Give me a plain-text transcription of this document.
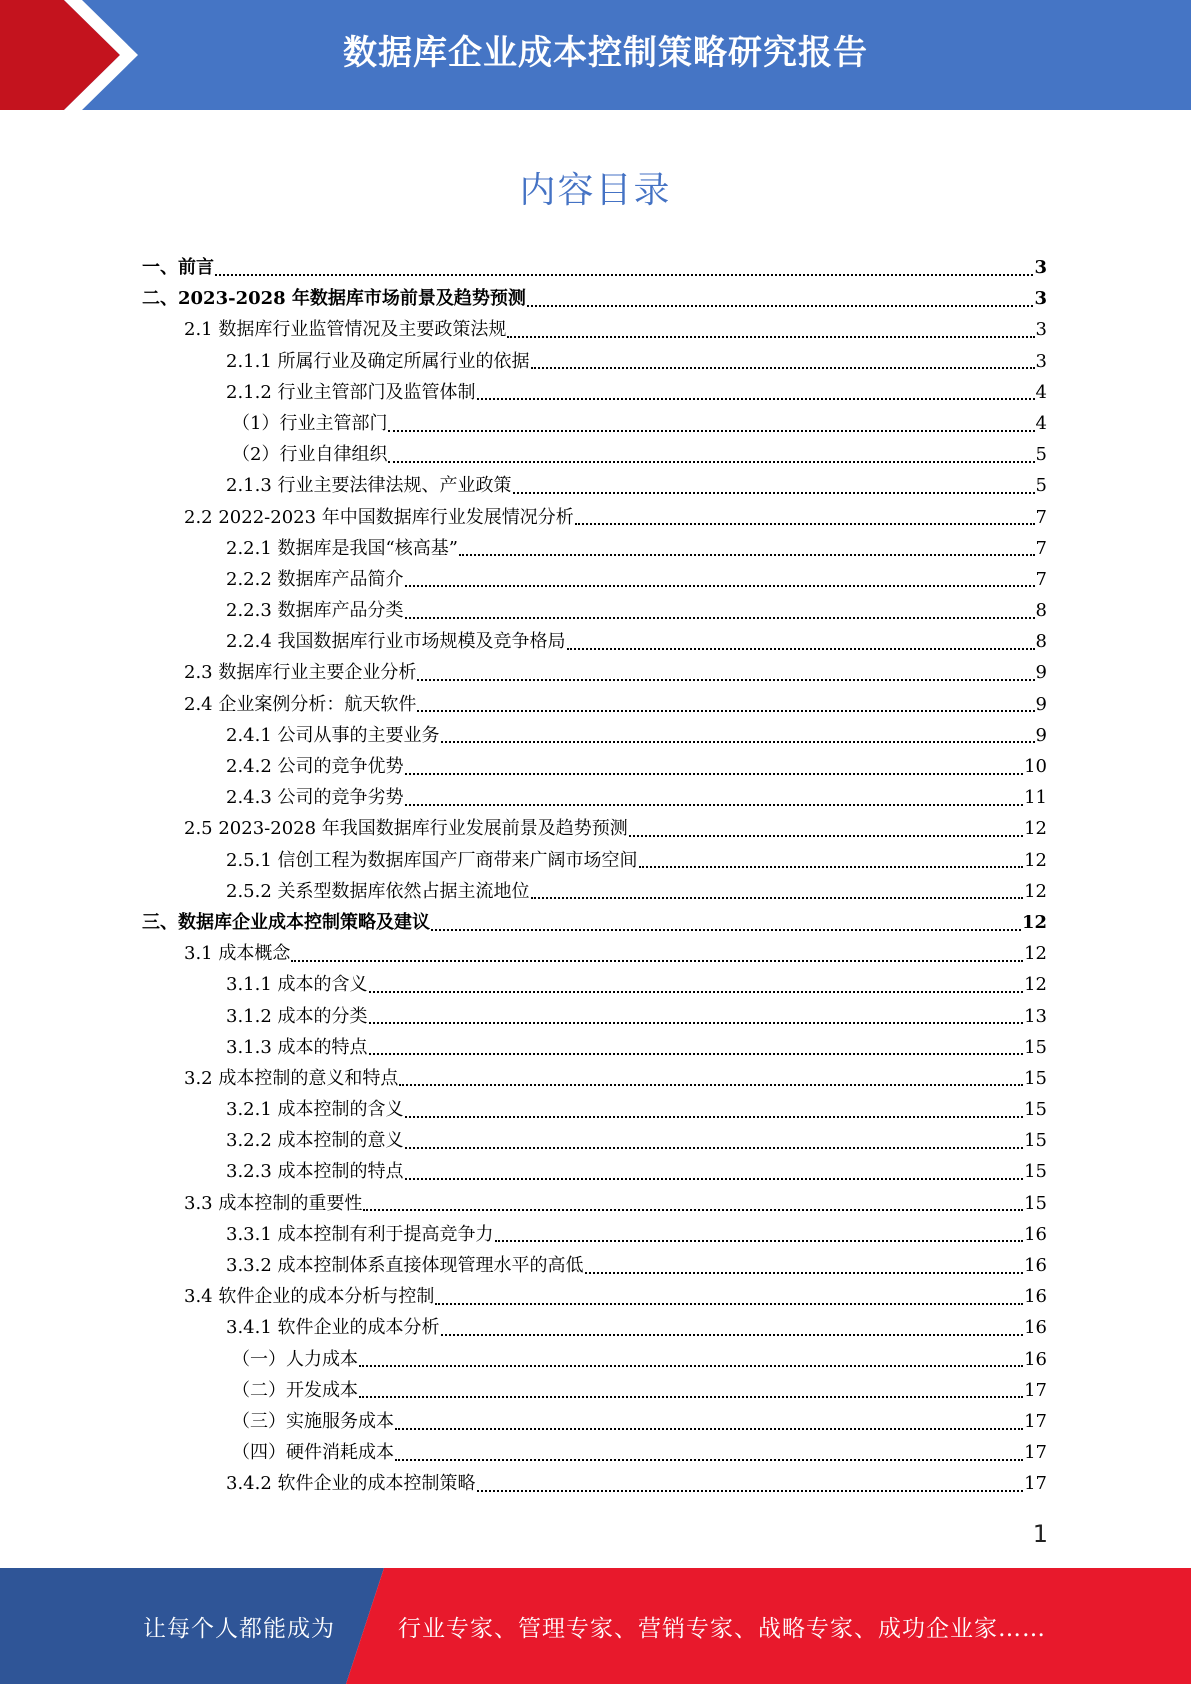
数据库企业成本控制策略研究报告
内容目录
一、前言	3
二、2023-2028 年数据库市场前景及趋势预测	3
2.1 数据库行业监管情况及主要政策法规	3
2.1.1 所属行业及确定所属行业的依据	3
2.1.2 行业主管部门及监管体制	4
（1）行业主管部门	4
（2）行业自律组织	5
2.1.3 行业主要法律法规、产业政策	5
2.2 2022-2023 年中国数据库行业发展情况分析	7
2.2.1 数据库是我国“核高基”	7
2.2.2 数据库产品简介	7
2.2.3 数据库产品分类	8
2.2.4 我国数据库行业市场规模及竞争格局	8
2.3 数据库行业主要企业分析	9
2.4 企业案例分析：航天软件	9
2.4.1 公司从事的主要业务	9
2.4.2 公司的竞争优势	10
2.4.3 公司的竞争劣势	11
2.5 2023-2028 年我国数据库行业发展前景及趋势预测	12
2.5.1 信创工程为数据库国产厂商带来广阔市场空间	12
2.5.2 关系型数据库依然占据主流地位	12
三、数据库企业成本控制策略及建议	12
3.1 成本概念	12
3.1.1 成本的含义	12
3.1.2 成本的分类	13
3.1.3 成本的特点	15
3.2 成本控制的意义和特点	15
3.2.1 成本控制的含义	15
3.2.2 成本控制的意义	15
3.2.3 成本控制的特点	15
3.3 成本控制的重要性	15
3.3.1 成本控制有利于提高竞争力	16
3.3.2 成本控制体系直接体现管理水平的高低	16
3.4 软件企业的成本分析与控制	16
3.4.1 软件企业的成本分析	16
（一）人力成本	16
（二）开发成本	17
（三）实施服务成本	17
（四）硬件消耗成本	17
3.4.2 软件企业的成本控制策略	17
1
让每个人都能成为	行业专家、管理专家、营销专家、战略专家、成功企业家……
